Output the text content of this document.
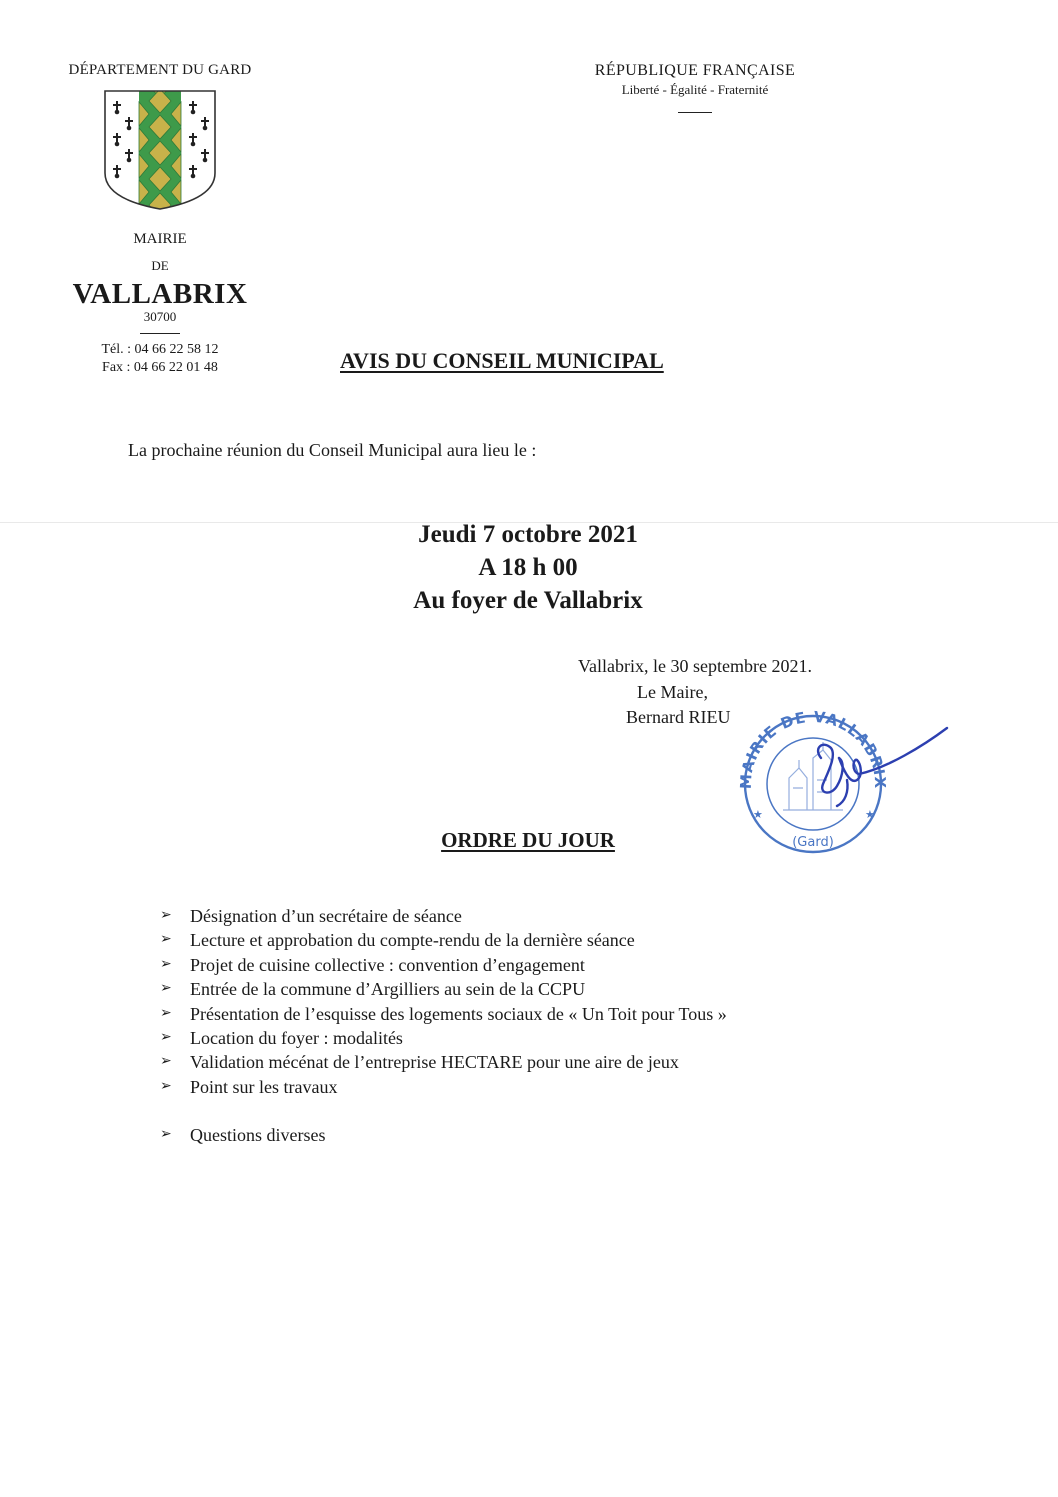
DÉPARTEMENT DU GARD
MAIRIE
DE
VALLABRIX
30700
Tél. : 04 66 22 58 12
Fax : 04 66 22 01 48
RÉPUBLIQUE FRANÇAISE
Liberté - Égalité - Fraternité
AVIS DU CONSEIL MUNICIPAL
La prochaine réunion du Conseil Municipal aura lieu le :
Jeudi 7 octobre 2021
A 18 h 00
Au foyer de Vallabrix
Vallabrix, le 30 septembre 2021.
Le Maire,
Bernard RIEU
MAIRIE DE VALLABRIX
(Gard)
★	★
ORDRE DU JOUR
➢	Désignation d’un secrétaire de séance
➢	Lecture et approbation du compte-rendu de la dernière séance
➢	Projet de cuisine collective : convention d’engagement
➢	Entrée de la commune d’Argilliers au sein de la CCPU
➢	Présentation de l’esquisse des logements sociaux de « Un Toit pour Tous »
➢	Location du foyer : modalités
➢	Validation mécénat de l’entreprise HECTARE pour une aire de jeux
➢	Point sur les travaux
➢	Questions diverses
